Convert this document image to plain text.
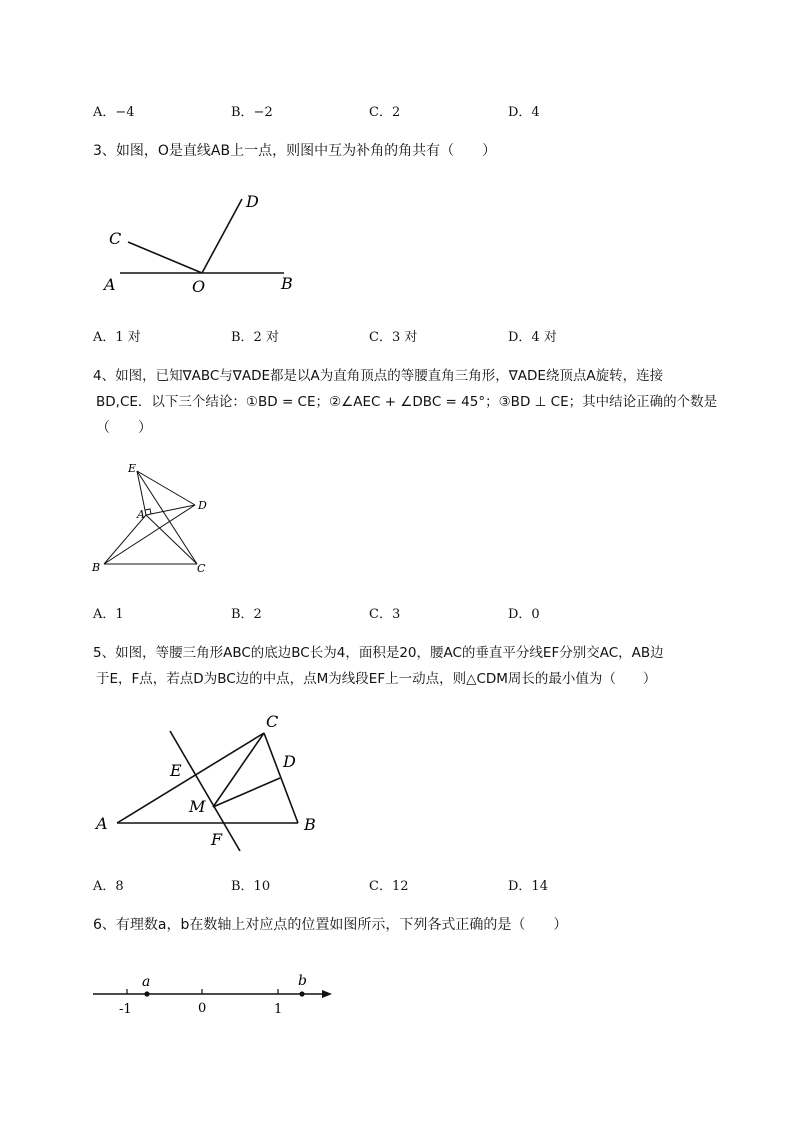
A．−4	B．−2	C．2	D．4
3、如图，O是直线AB上一点，则图中互为补角的角共有（　　）
C
D
A	O	B
A．1 对	B．2 对	C．3 对	D．4 对
4、如图，已知∇ABC与∇ADE都是以A为直角顶点的等腰直角三角形，∇ADE绕顶点A旋转，连接
BD,CE．以下三个结论：①BD = CE；②∠AEC + ∠DBC = 45°；③BD ⊥ CE；其中结论正确的个数是
（　　）
E
D
A
B	C
A．1	B．2	C．3	D．0
5、如图，等腰三角形ABC的底边BC长为4，面积是20，腰AC的垂直平分线EF分别交AC，AB边
于E，F点，若点D为BC边的中点，点M为线段EF上一动点，则△CDM周长的最小值为（　　）
C
D
E
M
A	B
F
A．8	B．10	C．12	D．14
6、有理数a，b在数轴上对应点的位置如图所示，下列各式正确的是（　　）
a	b
-1	0	1
